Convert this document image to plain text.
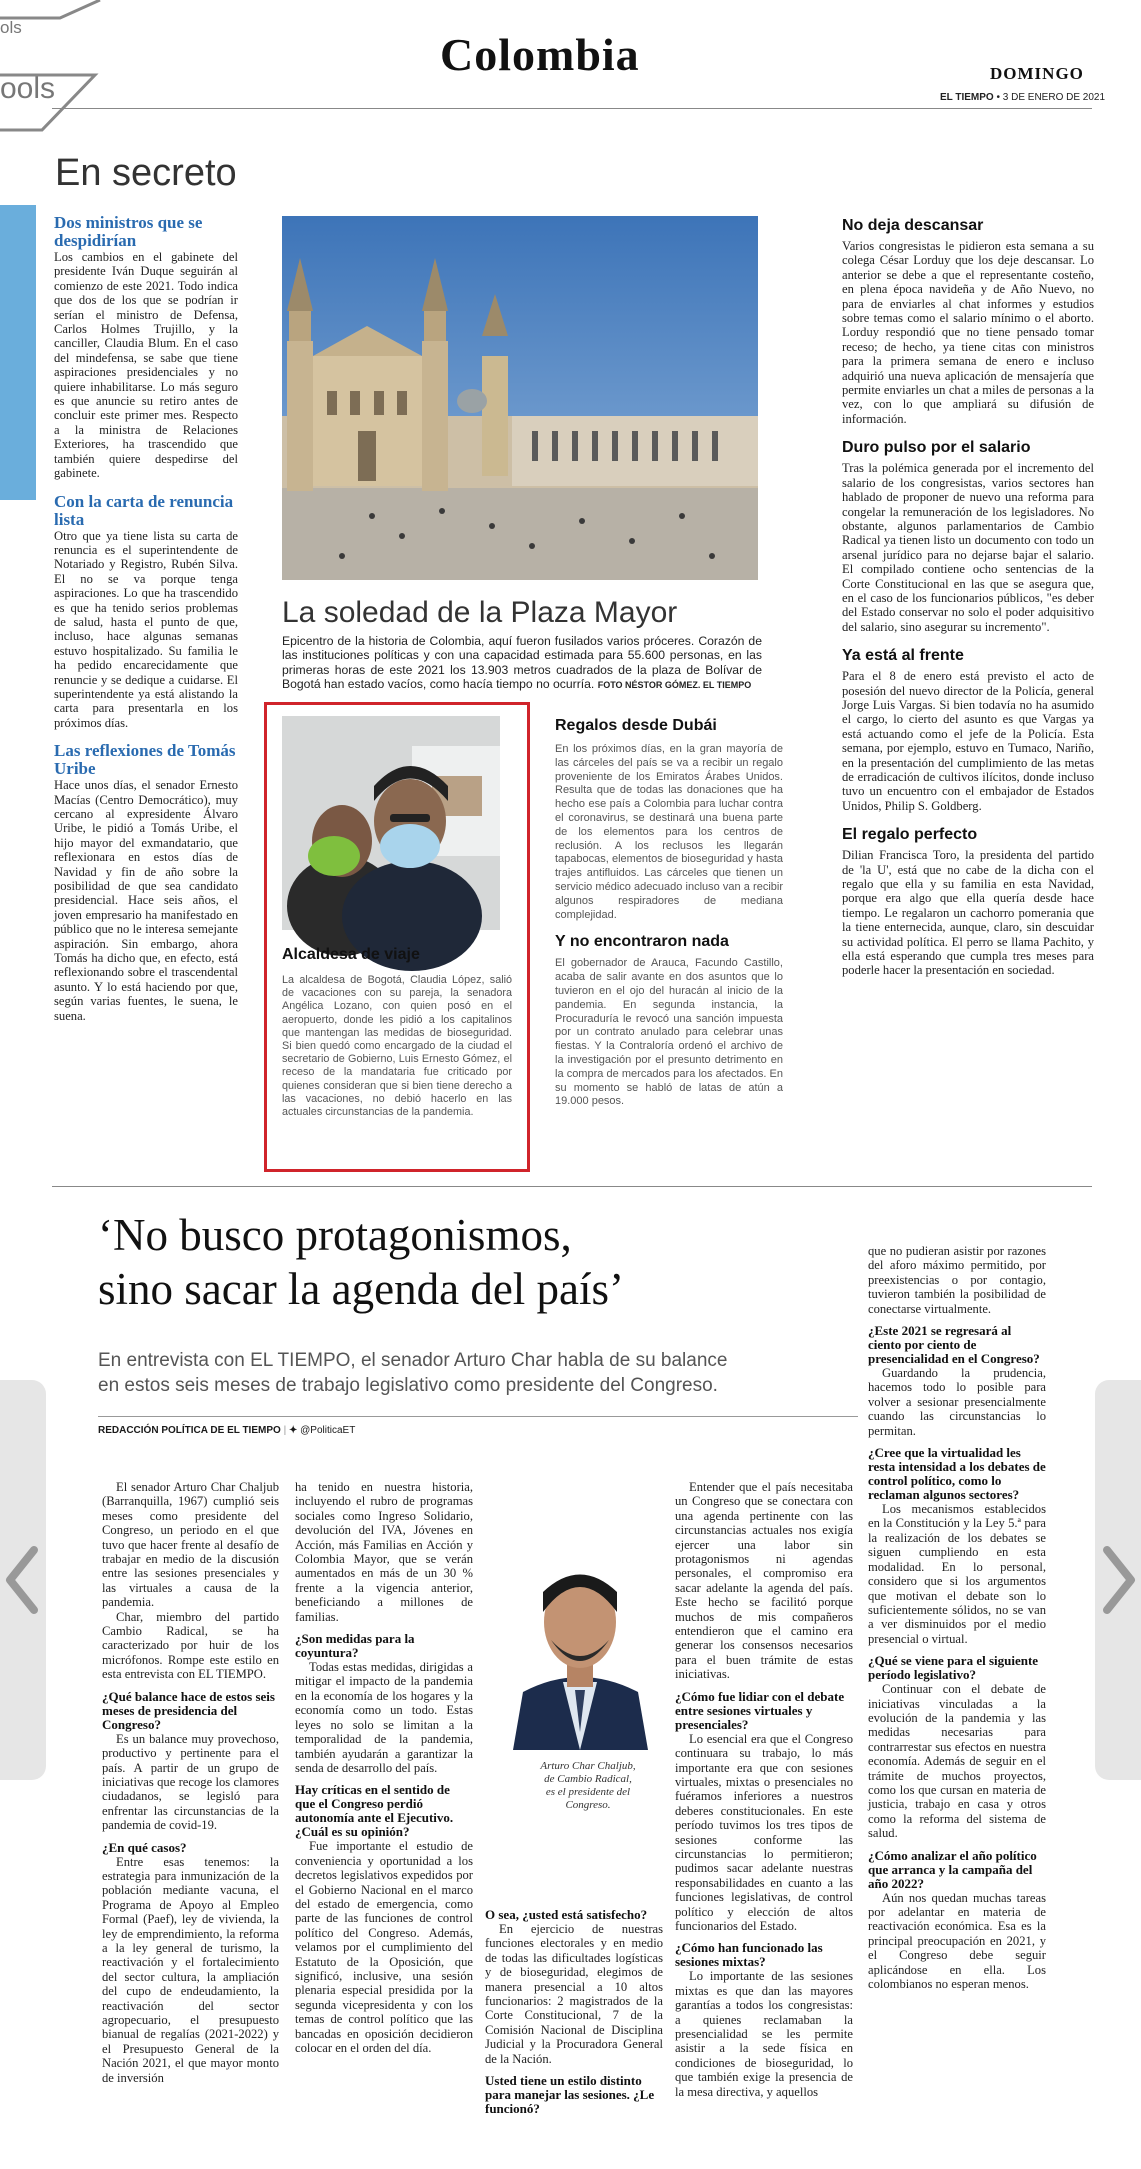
ols
ools
Colombia	DOMINGO
EL TIEMPO • 3 DE ENERO DE 2021
Contenido
En secreto
Dos ministros que se despidirían

Los cambios en el gabinete del presidente Iván Duque seguirán al comienzo de este 2021. Todo indica que dos de los que se podrían ir serían el ministro de Defensa, Carlos Holmes Trujillo, y la canciller, Claudia Blum. En el caso del mindefensa, se sabe que tiene aspiraciones presidenciales y no quiere inhabilitarse. Lo más seguro es que anuncie su retiro antes de concluir este primer mes. Respecto a la ministra de Relaciones Exteriores, ha trascendido que también quiere despedirse del gabinete.

Con la carta de renuncia lista

Otro que ya tiene lista su carta de renuncia es el superintendente de Notariado y Registro, Rubén Silva. El no se va porque tenga aspiraciones. Lo que ha trascendido es que ha tenido serios problemas de salud, hasta el punto de que, incluso, hace algunas semanas estuvo hospitalizado. Su familia le ha pedido encarecidamente que renuncie y se dedique a cuidarse. El superintendente ya está alistando la carta para presentarla en los próximos días.

Las reflexiones de Tomás Uribe

Hace unos días, el senador Ernesto Macías (Centro Democrático), muy cercano al expresidente Álvaro Uribe, le pidió a Tomás Uribe, el hijo mayor del exmandatario, que reflexionara en estos días de Navidad y fin de año sobre la posibilidad de que sea candidato presidencial. Hace seis años, el joven empresario ha manifestado en público que no le interesa semejante aspiración. Sin embargo, ahora Tomás ha dicho que, en efecto, está reflexionando sobre el trascendental asunto. Y lo está haciendo por que, según varias fuentes, le suena, le suena.

La soledad de la Plaza Mayor
Epicentro de la historia de Colombia, aquí fueron fusilados varios próceres. Corazón de las instituciones políticas y con una capacidad estimada para 55.600 personas, en las primeras horas de este 2021 los 13.903 metros cuadrados de la plaza de Bolívar de Bogotá han estado vacíos, como hacía tiempo no ocurría. FOTO NÉSTOR GÓMEZ. EL TIEMPO
Alcaldesa de viaje
La alcaldesa de Bogotá, Claudia López, salió de vacaciones con su pareja, la senadora Angélica Lozano, con quien posó en el aeropuerto, donde les pidió a los capitalinos que mantengan las medidas de bioseguridad. Si bien quedó como encargado de la ciudad el secretario de Gobierno, Luis Ernesto Gómez, el receso de la mandataria fue criticado por quienes consideran que si bien tiene derecho a las vacaciones, no debió hacerlo en las actuales circunstancias de la pandemia.
Regalos desde Dubái
En los próximos días, en la gran mayoría de las cárceles del país se va a recibir un regalo proveniente de los Emiratos Árabes Unidos. Resulta que de todas las donaciones que ha hecho ese país a Colombia para luchar contra el coronavirus, se destinará una buena parte de los elementos para los centros de reclusión. A los reclusos les llegarán tapabocas, elementos de bioseguridad y hasta trajes antifluidos. Las cárceles que tienen un servicio médico adecuado incluso van a recibir algunos respiradores de mediana complejidad.
Y no encontraron nada
El gobernador de Arauca, Facundo Castillo, acaba de salir avante en dos asuntos que lo tuvieron en el ojo del huracán al inicio de la pandemia. En segunda instancia, la Procuraduría le revocó una sanción impuesta por un contrato anulado para celebrar unas fiestas. Y la Contraloría ordenó el archivo de la investigación por el presunto detrimento en la compra de mercados para los afectados. En su momento se habló de latas de atún a 19.000 pesos.
No deja descansar

Varios congresistas le pidieron esta semana a su colega César Lorduy que los deje descansar. Lo anterior se debe a que el representante costeño, en plena época navideña y de Año Nuevo, no para de enviarles al chat informes y estudios sobre temas como el salario mínimo o el aborto. Lorduy respondió que no tiene pensado tomar receso; de hecho, ya tiene citas con ministros para la primera semana de enero e incluso adquirió una nueva aplicación de mensajería que permite enviarles un chat a miles de personas a la vez, con lo que ampliará su difusión de información.

Duro pulso por el salario

Tras la polémica generada por el incremento del salario de los congresistas, varios sectores han hablado de proponer de nuevo una reforma para congelar la remuneración de los legisladores. No obstante, algunos parlamentarios de Cambio Radical ya tienen listo un documento con todo un arsenal jurídico para no dejarse bajar el salario. El compilado contiene ocho sentencias de la Corte Constitucional en las que se asegura que, en el caso de los funcionarios públicos, "es deber del Estado conservar no solo el poder adquisitivo del salario, sino asegurar su incremento".

Ya está al frente

Para el 8 de enero está previsto el acto de posesión del nuevo director de la Policía, general Jorge Luis Vargas. Si bien todavía no ha asumido el cargo, lo cierto del asunto es que Vargas ya está actuando como el jefe de la Policía. Esta semana, por ejemplo, estuvo en Tumaco, Nariño, en la presentación del cumplimiento de las metas de erradicación de cultivos ilícitos, donde incluso tuvo un encuentro con el embajador de Estados Unidos, Philip S. Goldberg.

El regalo perfecto

Dilian Francisca Toro, la presidenta del partido de 'la U', está que no cabe de la dicha con el regalo que ella y su familia en esta Navidad, porque era algo que ella quería desde hace tiempo. Le regalaron un cachorro pomerania que la tiene enternecida, aunque, claro, sin descuidar su actividad política. El perro se llama Pachito, y ella está esperando que cumpla tres meses para poderle hacer la presentación en sociedad.

‘No busco protagonismos,
sino sacar la agenda del país’
En entrevista con EL TIEMPO, el senador Arturo Char habla de su balance
en estos seis meses de trabajo legislativo como presidente del Congreso.
REDACCIÓN POLÍTICA DE EL TIEMPO | ✦ @PoliticaET

El senador Arturo Char Chaljub (Barranquilla, 1967) cumplió seis meses como presidente del Congreso, un periodo en el que tuvo que hacer frente al desafío de trabajar en medio de la discusión entre las sesiones presenciales y las virtuales a causa de la pandemia.

Char, miembro del partido Cambio Radical, se ha caracterizado por huir de los micrófonos. Rompe este estilo en esta entrevista con EL TIEMPO.

¿Qué balance hace de estos seis meses de presidencia del Congreso?

Es un balance muy provechoso, productivo y pertinente para el país. A partir de un grupo de iniciativas que recoge los clamores ciudadanos, se legisló para enfrentar las circunstancias de la pandemia de covid-19.

¿En qué casos?

Entre esas tenemos: la estrategia para inmunización de la población mediante vacuna, el Programa de Apoyo al Empleo Formal (Paef), ley de vivienda, la ley de emprendimiento, la reforma a la ley general de turismo, la reactivación y el fortalecimiento del sector cultura, la ampliación del cupo de endeudamiento, la reactivación del sector agropecuario, el presupuesto bianual de regalías (2021-2022) y el Presupuesto General de la Nación 2021, el que mayor monto de inversión

ha tenido en nuestra historia, incluyendo el rubro de programas sociales como Ingreso Solidario, devolución del IVA, Jóvenes en Acción, más Familias en Acción y Colombia Mayor, que se verán aumentados en más de un 30 % frente a la vigencia anterior, beneficiando a millones de familias.

¿Son medidas para la coyuntura?

Todas estas medidas, dirigidas a mitigar el impacto de la pandemia en la economía de los hogares y la economía como un todo. Estas leyes no solo se limitan a la temporalidad de la pandemia, también ayudarán a garantizar la senda de desarrollo del país.

Hay críticas en el sentido de que el Congreso perdió autonomía ante el Ejecutivo. ¿Cuál es su opinión?

Fue importante el estudio de conveniencia y oportunidad a los decretos legislativos expedidos por el Gobierno Nacional en el marco del estado de emergencia, como parte de las funciones de control político del Congreso. Además, velamos por el cumplimiento del Estatuto de la Oposición, que significó, inclusive, una sesión plenaria especial presidida por la segunda vicepresidenta y con los temas de control político que las bancadas en oposición decidieron colocar en el orden del día.

Arturo Char Chaljub, de Cambio Radical, es el presidente del Congreso.
O sea, ¿usted está satisfecho?

En ejercicio de nuestras funciones electorales y en medio de todas las dificultades logísticas y de bioseguridad, elegimos de manera presencial a 10 altos funcionarios: 2 magistrados de la Corte Constitucional, 7 de la Comisión Nacional de Disciplina Judicial y la Procuradora General de la Nación.

Usted tiene un estilo distinto para manejar las sesiones. ¿Le funcionó?

Entender que el país necesitaba un Congreso que se conectara con una agenda pertinente con las circunstancias actuales nos exigía ejercer una labor sin protagonismos ni agendas personales, el compromiso era sacar adelante la agenda del país. Este hecho se facilitó porque muchos de mis compañeros entendieron que el camino era generar los consensos necesarios para el buen trámite de estas iniciativas.

¿Cómo fue lidiar con el debate entre sesiones virtuales y presenciales?

Lo esencial era que el Congreso continuara su trabajo, lo más importante era que con sesiones virtuales, mixtas o presenciales no fuéramos inferiores a nuestros deberes constitucionales. En este período tuvimos los tres tipos de sesiones conforme las circunstancias lo permitieron; pudimos sacar adelante nuestras responsabilidades en cuanto a las funciones legislativas, de control político y elección de altos funcionarios del Estado.

¿Cómo han funcionado las sesiones mixtas?

Lo importante de las sesiones mixtas es que dan las mayores garantías a todos los congresistas: a quienes reclamaban la presencialidad se les permite asistir a la sede física en condiciones de bioseguridad, lo que también exige la presencia de la mesa directiva, y aquellos

que no pudieran asistir por razones del aforo máximo permitido, por preexistencias o por contagio, tuvieron también la posibilidad de conectarse virtualmente.

¿Este 2021 se regresará al ciento por ciento de presencialidad en el Congreso?

Guardando la prudencia, hacemos todo lo posible para volver a sesionar presencialmente cuando las circunstancias lo permitan.

¿Cree que la virtualidad les resta intensidad a los debates de control político, como lo reclaman algunos sectores?

Los mecanismos establecidos en la Constitución y la Ley 5.ª para la realización de los debates se siguen cumpliendo en esta modalidad. En lo personal, considero que si los argumentos que motivan el debate son lo suficientemente sólidos, no se van a ver disminuidos por el medio presencial o virtual.

¿Qué se viene para el siguiente período legislativo?

Continuar con el debate de iniciativas vinculadas a la evolución de la pandemia y las medidas necesarias para contrarrestar sus efectos en nuestra economía. Además de seguir en el trámite de muchos proyectos, como los que cursan en materia de justicia, trabajo en casa y otros como la reforma del sistema de salud.

¿Cómo analizar el año político que arranca y la campaña del año 2022?

Aún nos quedan muchas tareas por adelantar en materia de reactivación económica. Esa es la principal preocupación en 2021, y el Congreso debe seguir aplicándose en ella. Los colombianos no esperan menos.
